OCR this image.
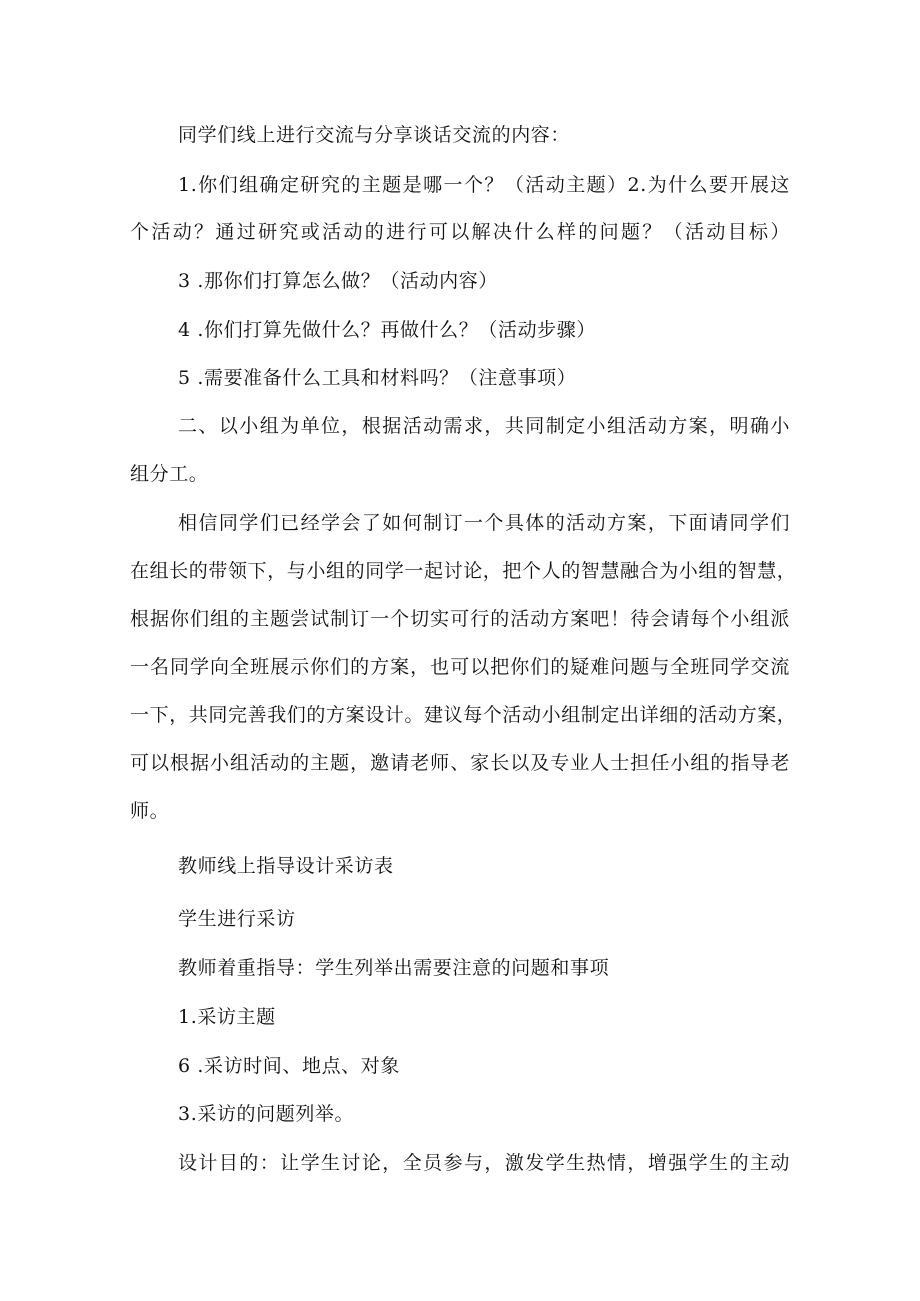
同学们线上进行交流与分享谈话交流的内容：
1.你们组确定研究的主题是哪一个？（活动主题）2.为什么要开展这
个活动？通过研究或活动的进行可以解决什么样的问题？（活动目标）
3 .那你们打算怎么做？（活动内容）
4 .你们打算先做什么？再做什么？（活动步骤）
5 .需要准备什么工具和材料吗？（注意事项）
二、以小组为单位，根据活动需求，共同制定小组活动方案，明确小
组分工。
相信同学们已经学会了如何制订一个具体的活动方案，下面请同学们
在组长的带领下，与小组的同学一起讨论，把个人的智慧融合为小组的智慧，
根据你们组的主题尝试制订一个切实可行的活动方案吧！待会请每个小组派
一名同学向全班展示你们的方案，也可以把你们的疑难问题与全班同学交流
一下，共同完善我们的方案设计。建议每个活动小组制定出详细的活动方案，
可以根据小组活动的主题，邀请老师、家长以及专业人士担任小组的指导老
师。
教师线上指导设计采访表
学生进行采访
教师着重指导：学生列举出需要注意的问题和事项
1.采访主题
6 .采访时间、地点、对象
3.采访的问题列举。
设计目的：让学生讨论，全员参与，激发学生热情，增强学生的主动
